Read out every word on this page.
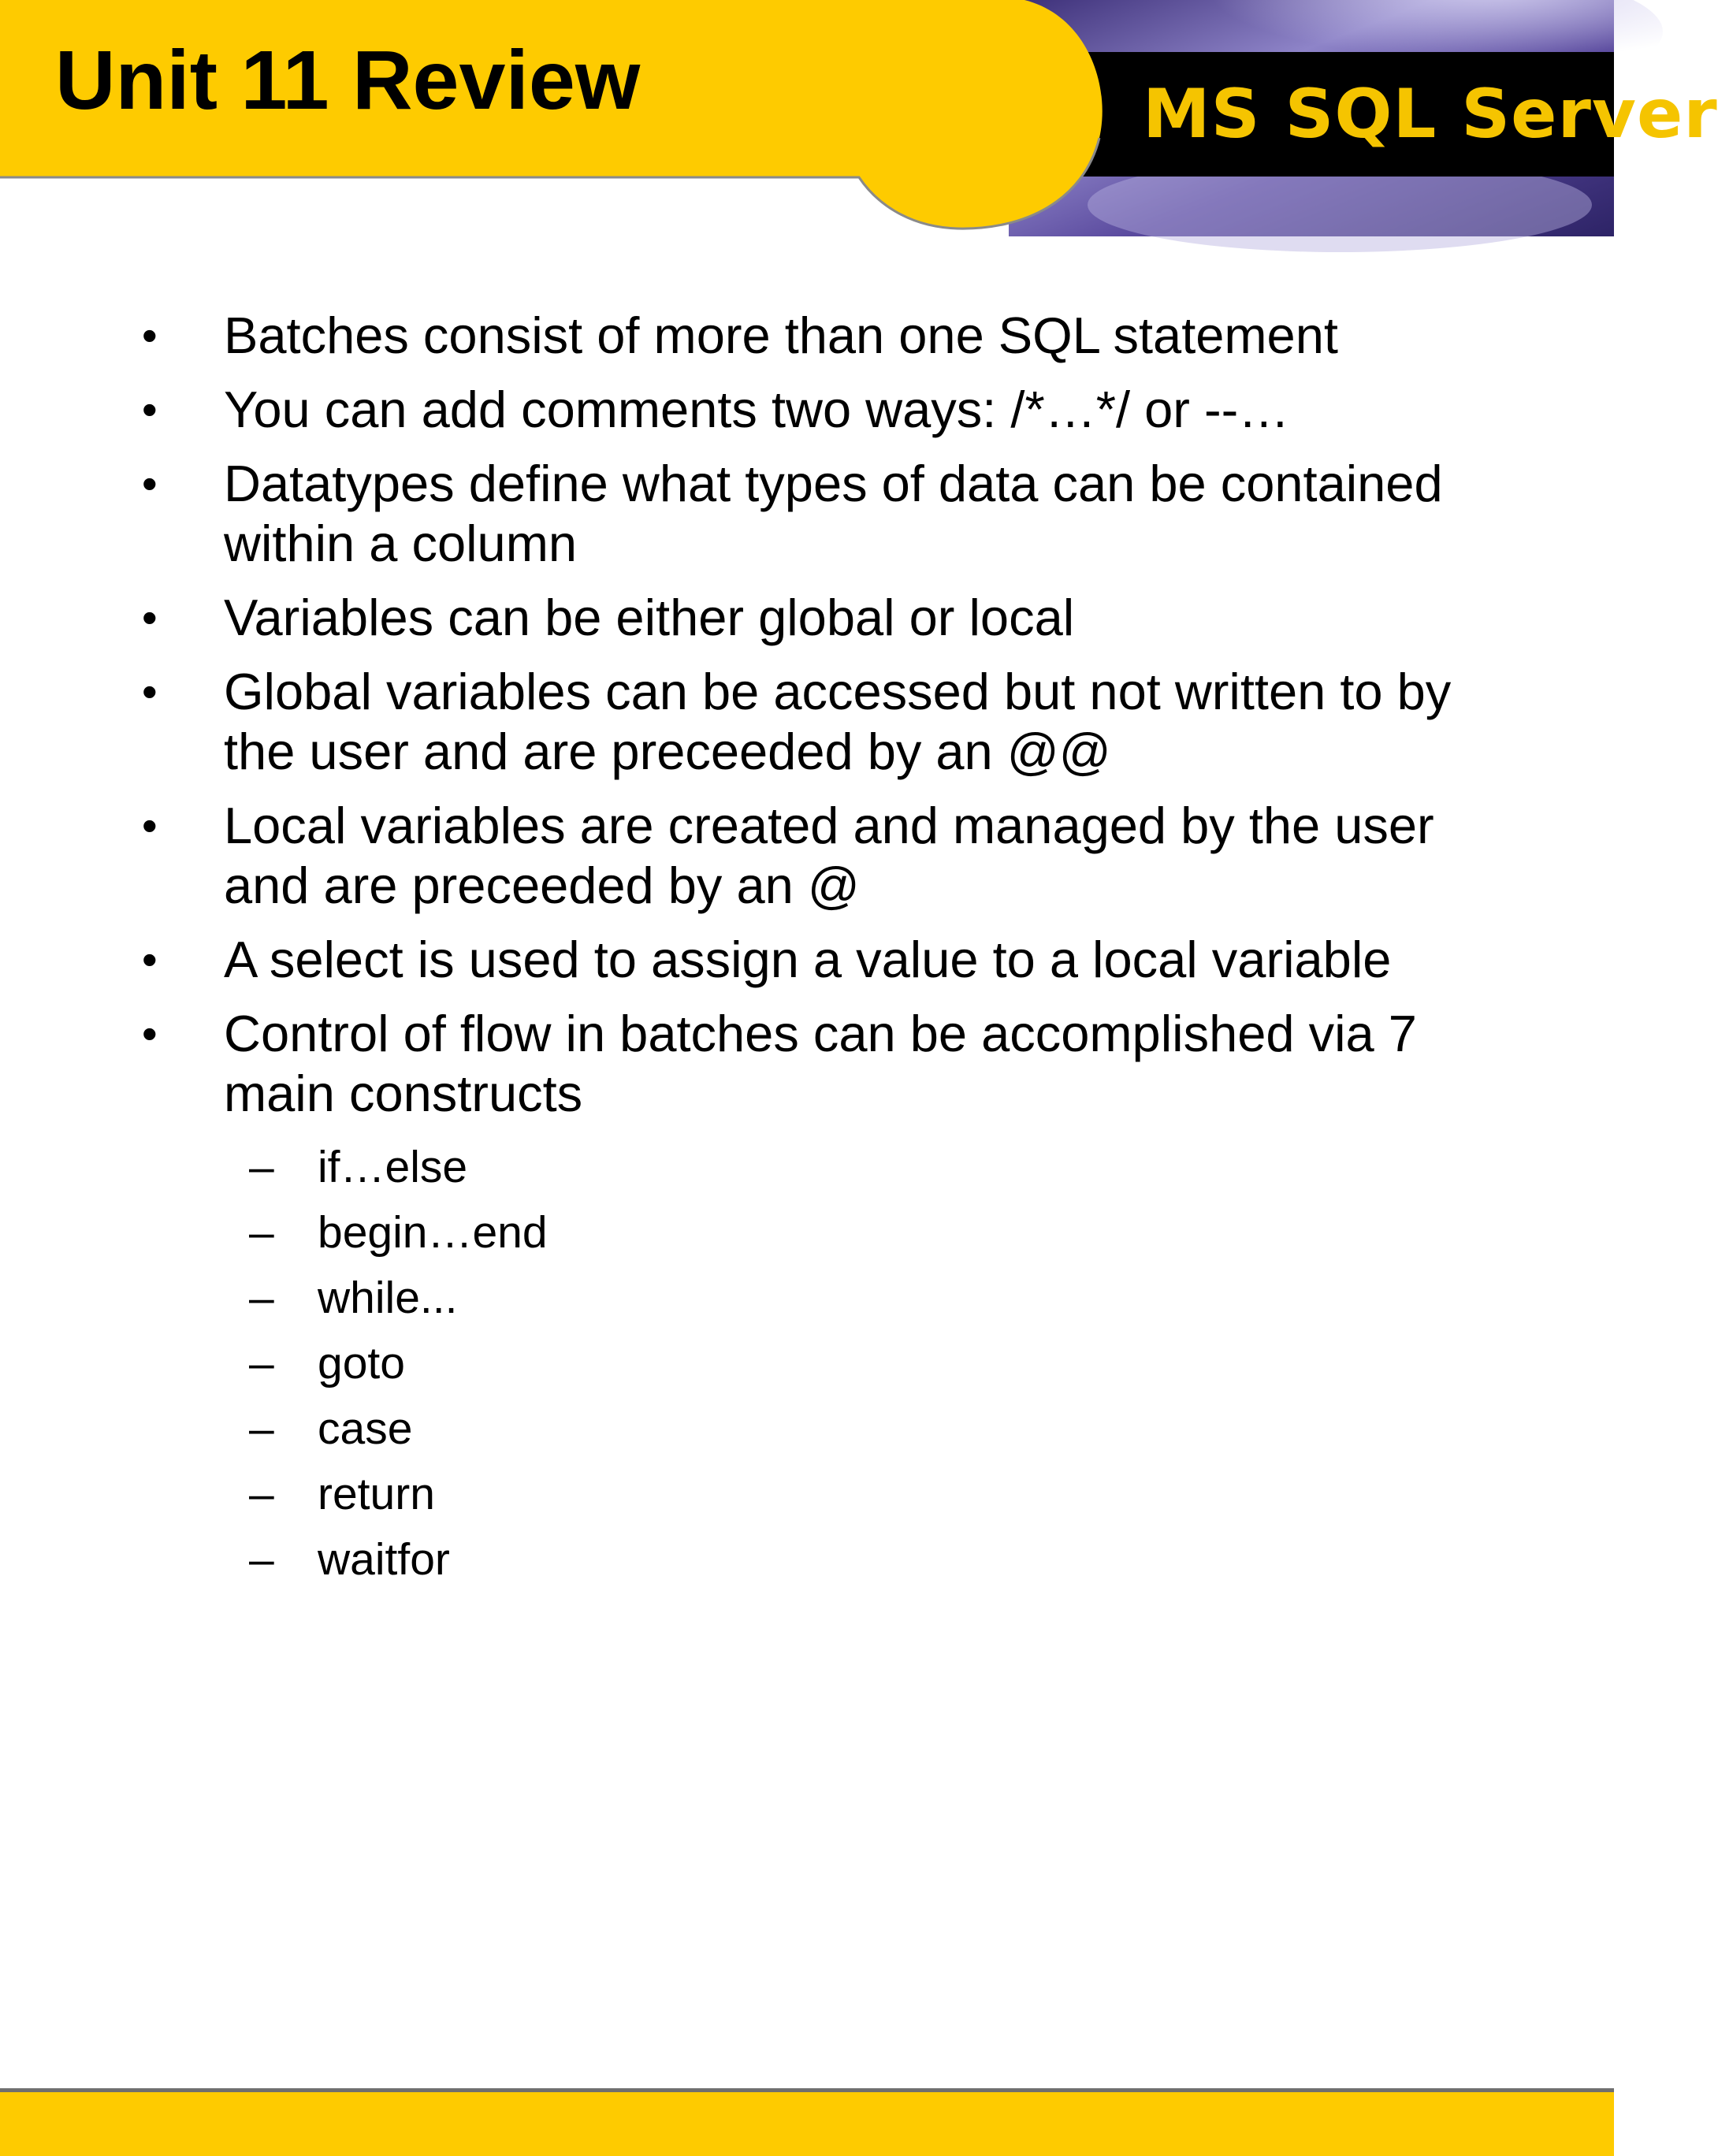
Unit 11 Review	MS SQL Server
• Batches consist of more than one SQL statement
• You can add comments two ways: /*…*/ or --…
• Datatypes define what types of data can be contained within a column
• Variables can be either global or local
• Global variables can be accessed but not written to by the user and are preceeded by an @@
• Local variables are created and managed by the user and are preceeded by an @
• A select is used to assign a value to a local variable
• Control of flow in batches can be accomplished via 7 main constructs
– if…else
– begin…end
– while...
– goto
– case
– return
– waitfor
